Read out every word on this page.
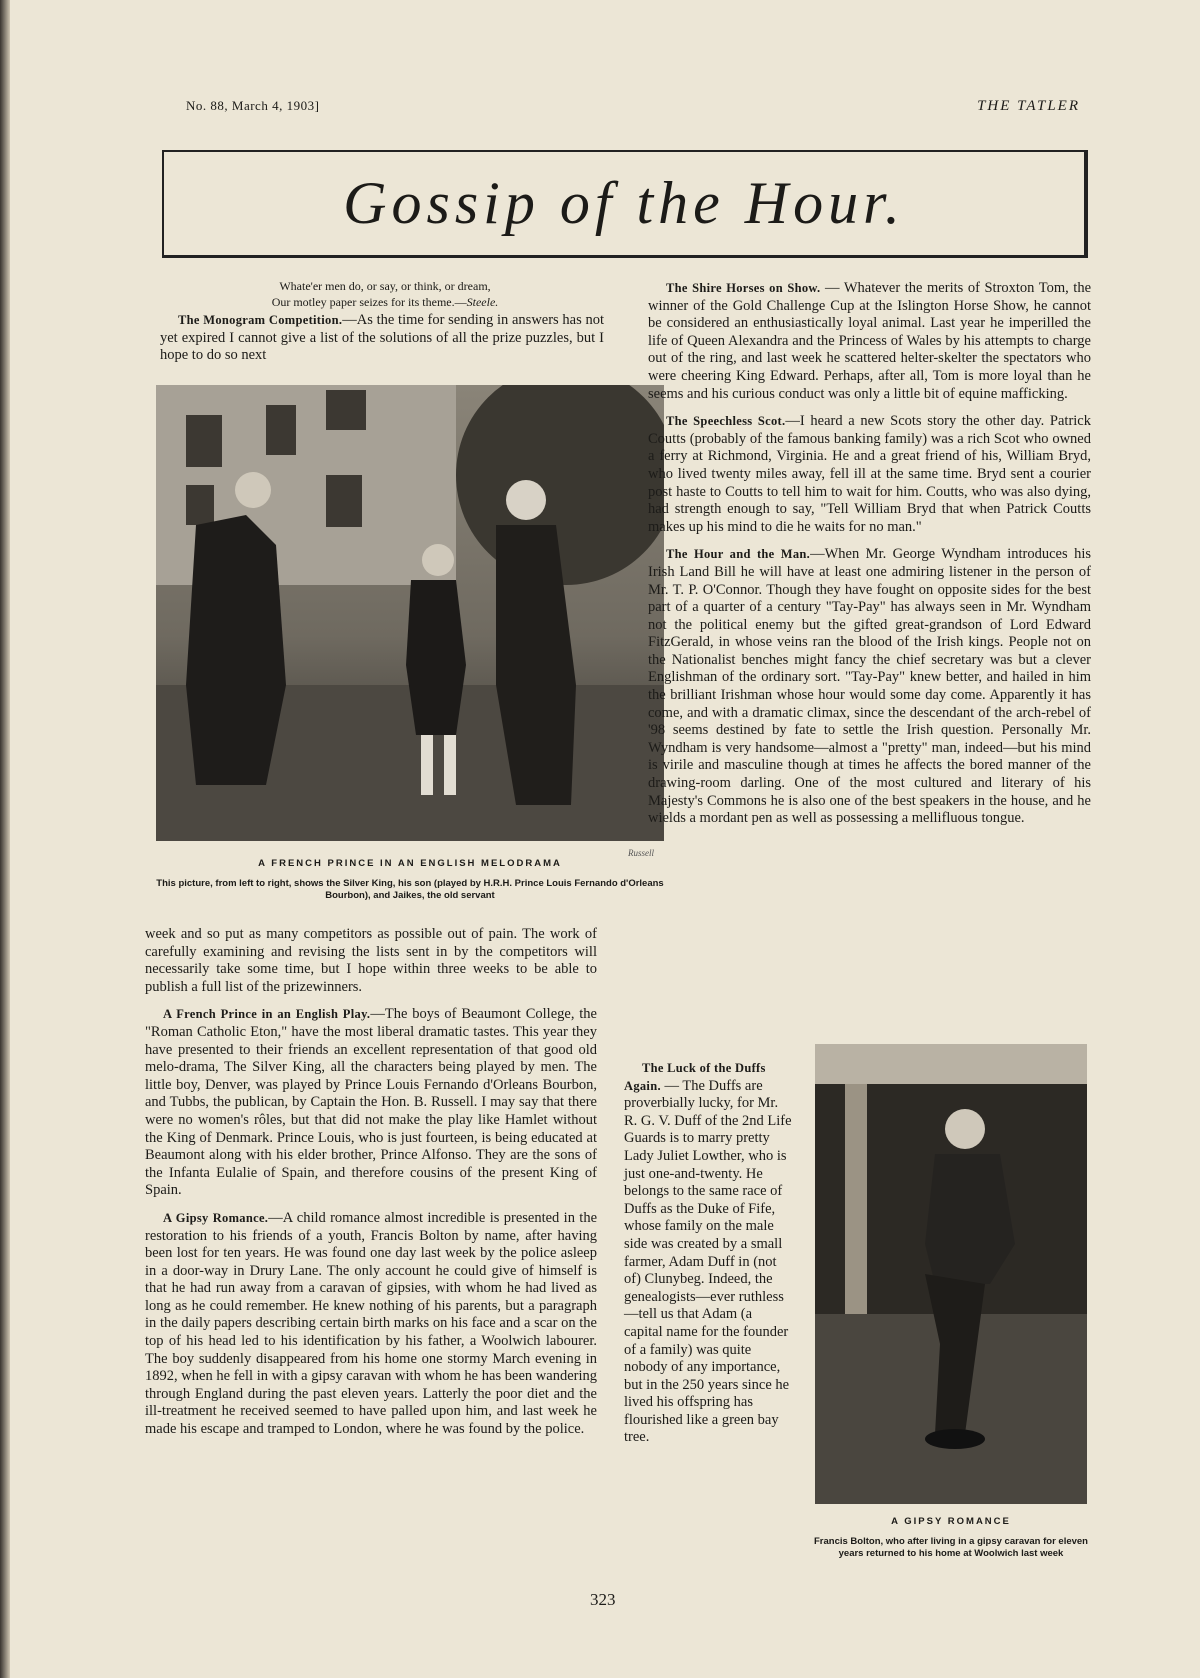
No. 88, March 4, 1903]	THE TATLER
Gossip of the Hour.
Whate'er men do, or say, or think, or dream,
Our motley paper seizes for its theme.—Steele.

The Monogram Competition.—As the time for sending in answers has not yet expired I cannot give a list of the solutions of all the prize puzzles, but I hope to do so next

Russell
A FRENCH PRINCE IN AN ENGLISH MELODRAMA
This picture, from left to right, shows the Silver King, his son (played by H.R.H. Prince Louis Fernando d'Orleans Bourbon), and Jaikes, the old servant

week and so put as many competitors as possible out of pain. The work of carefully examining and revising the lists sent in by the competitors will necessarily take some time, but I hope within three weeks to be able to publish a full list of the prizewinners.

A French Prince in an English Play.—The boys of Beaumont College, the "Roman Catholic Eton," have the most liberal dramatic tastes. This year they have presented to their friends an excellent representation of that good old melo-drama, The Silver King, all the characters being played by men. The little boy, Denver, was played by Prince Louis Fernando d'Orleans Bourbon, and Tubbs, the publican, by Captain the Hon. B. Russell. I may say that there were no women's rôles, but that did not make the play like Hamlet without the King of Denmark. Prince Louis, who is just fourteen, is being educated at Beaumont along with his elder brother, Prince Alfonso. They are the sons of the Infanta Eulalie of Spain, and therefore cousins of the present King of Spain.

A Gipsy Romance.—A child romance almost incredible is presented in the restoration to his friends of a youth, Francis Bolton by name, after having been lost for ten years. He was found one day last week by the police asleep in a door-way in Drury Lane. The only account he could give of himself is that he had run away from a caravan of gipsies, with whom he had lived as long as he could remember. He knew nothing of his parents, but a paragraph in the daily papers describing certain birth marks on his face and a scar on the top of his head led to his identification by his father, a Woolwich labourer. The boy suddenly disappeared from his home one stormy March evening in 1892, when he fell in with a gipsy caravan with whom he has been wandering through England during the past eleven years. Latterly the poor diet and the ill-treatment he received seemed to have palled upon him, and last week he made his escape and tramped to London, where he was found by the police.

The Shire Horses on Show. — Whatever the merits of Stroxton Tom, the winner of the Gold Challenge Cup at the Islington Horse Show, he cannot be considered an enthusiastically loyal animal. Last year he imperilled the life of Queen Alexandra and the Princess of Wales by his attempts to charge out of the ring, and last week he scattered helter-skelter the spectators who were cheering King Edward. Perhaps, after all, Tom is more loyal than he seems and his curious conduct was only a little bit of equine mafficking.

The Speechless Scot.—I heard a new Scots story the other day. Patrick Coutts (probably of the famous banking family) was a rich Scot who owned a ferry at Richmond, Virginia. He and a great friend of his, William Bryd, who lived twenty miles away, fell ill at the same time. Bryd sent a courier post haste to Coutts to tell him to wait for him. Coutts, who was also dying, had strength enough to say, "Tell William Bryd that when Patrick Coutts makes up his mind to die he waits for no man."

The Hour and the Man.—When Mr. George Wyndham introduces his Irish Land Bill he will have at least one admiring listener in the person of Mr. T. P. O'Connor. Though they have fought on opposite sides for the best part of a quarter of a century "Tay-Pay" has always seen in Mr. Wyndham not the political enemy but the gifted great-grandson of Lord Edward FitzGerald, in whose veins ran the blood of the Irish kings. People not on the Nationalist benches might fancy the chief secretary was but a clever Englishman of the ordinary sort. "Tay-Pay" knew better, and hailed in him the brilliant Irishman whose hour would some day come. Apparently it has come, and with a dramatic climax, since the descendant of the arch-rebel of '98 seems destined by fate to settle the Irish question. Personally Mr. Wyndham is very handsome—almost a "pretty" man, indeed—but his mind is virile and masculine though at times he affects the bored manner of the drawing-room darling. One of the most cultured and literary of his Majesty's Commons he is also one of the best speakers in the house, and he wields a mordant pen as well as possessing a mellifluous tongue.

The Luck of the Duffs Again. — The Duffs are proverbially lucky, for Mr. R. G. V. Duff of the 2nd Life Guards is to marry pretty Lady Juliet Lowther, who is just one-and-twenty. He belongs to the same race of Duffs as the Duke of Fife, whose family on the male side was created by a small farmer, Adam Duff in (not of) Clunybeg. Indeed, the genealogists—ever ruthless —tell us that Adam (a capital name for the founder of a family) was quite nobody of any importance, but in the 250 years since he lived his offspring has flourished like a green bay tree.

A GIPSY ROMANCE
Francis Bolton, who after living in a gipsy caravan for eleven years returned to his home at Woolwich last week
323
